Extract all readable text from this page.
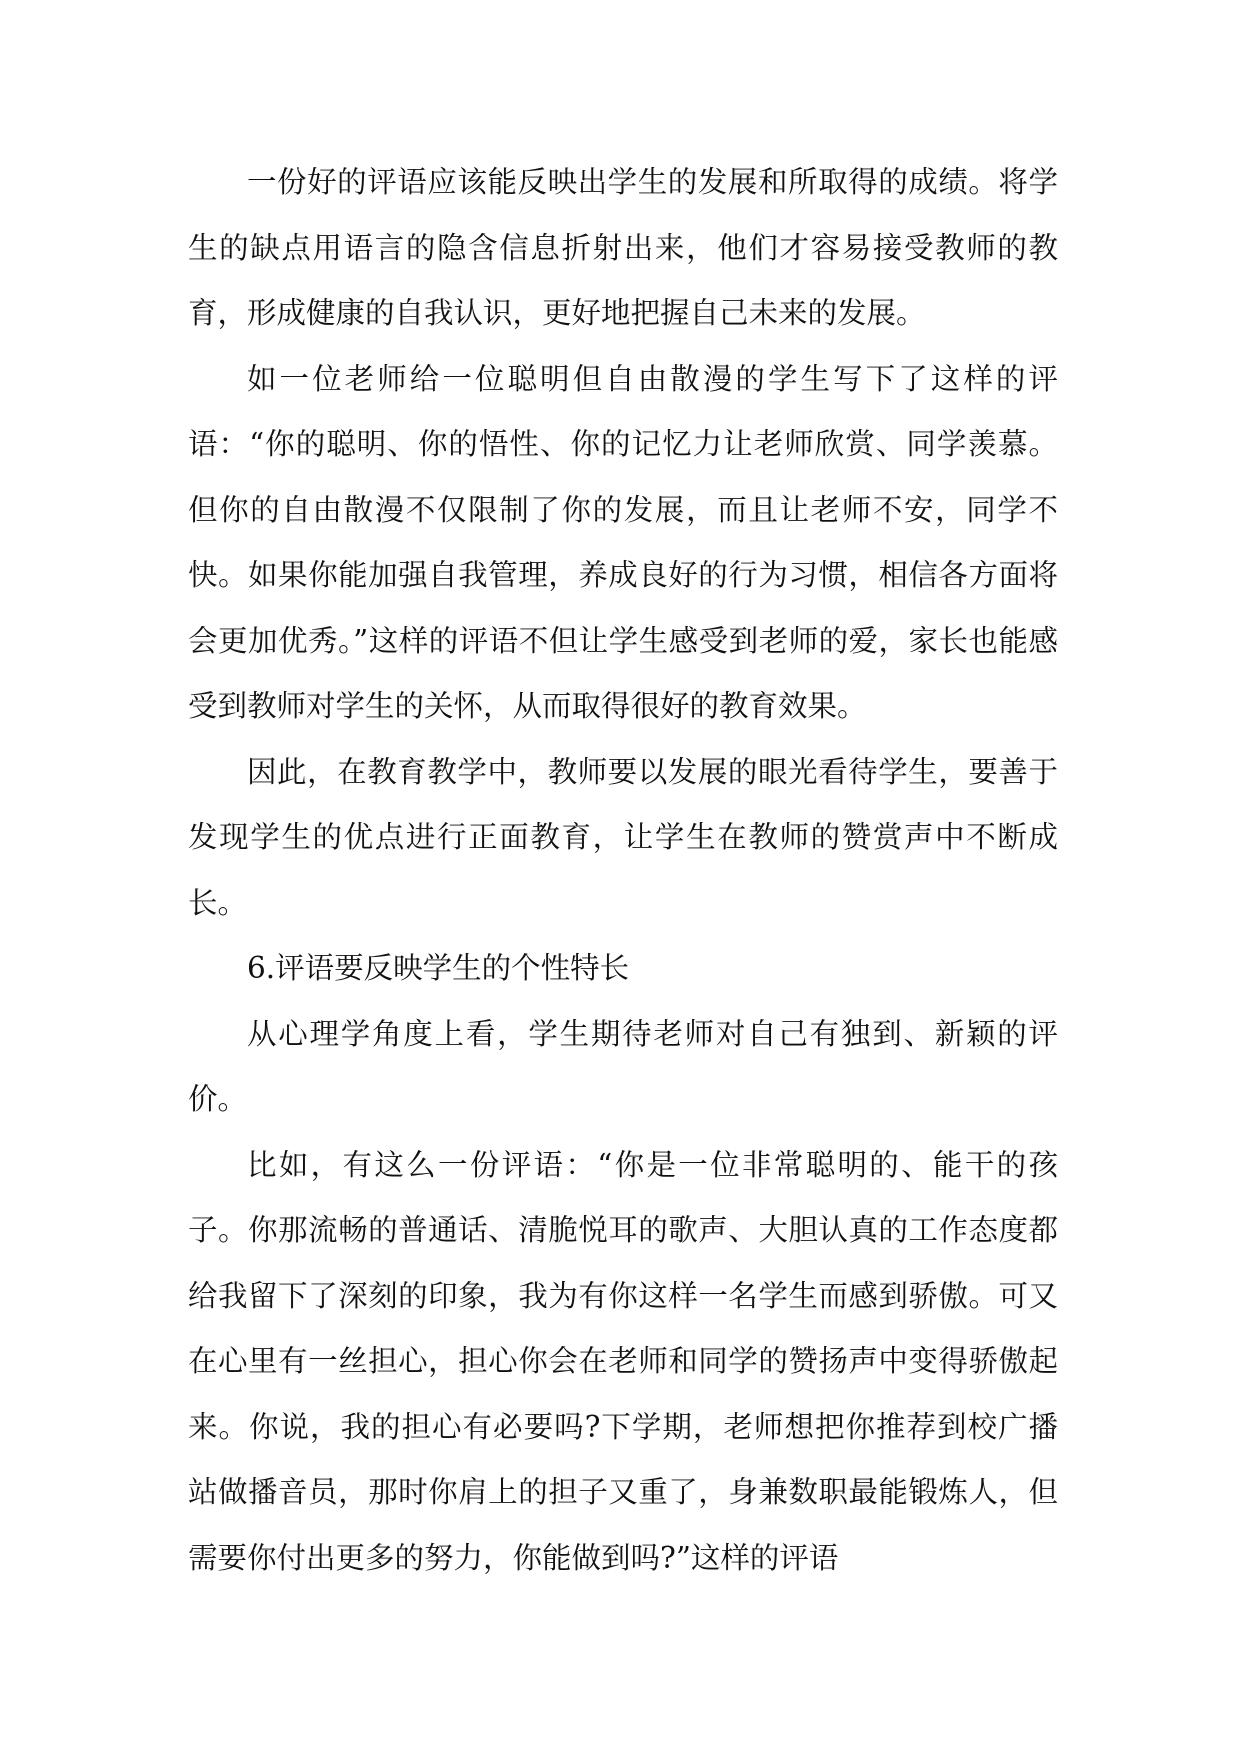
一份好的评语应该能反映出学生的发展和所取得的成绩。将学生的缺点用语言的隐含信息折射出来，他们才容易接受教师的教育，形成健康的自我认识，更好地把握自己未来的发展。

如一位老师给一位聪明但自由散漫的学生写下了这样的评语：“你的聪明、你的悟性、你的记忆力让老师欣赏、同学羡慕。但你的自由散漫不仅限制了你的发展，而且让老师不安，同学不快。如果你能加强自我管理，养成良好的行为习惯，相信各方面将会更加优秀。”这样的评语不但让学生感受到老师的爱，家长也能感受到教师对学生的关怀，从而取得很好的教育效果。

因此，在教育教学中，教师要以发展的眼光看待学生，要善于发现学生的优点进行正面教育，让学生在教师的赞赏声中不断成长。

6.评语要反映学生的个性特长

从心理学角度上看，学生期待老师对自己有独到、新颖的评价。

比如，有这么一份评语：“你是一位非常聪明的、能干的孩子。你那流畅的普通话、清脆悦耳的歌声、大胆认真的工作态度都给我留下了深刻的印象，我为有你这样一名学生而感到骄傲。可又在心里有一丝担心，担心你会在老师和同学的赞扬声中变得骄傲起来。你说，我的担心有必要吗?下学期，老师想把你推荐到校广播站做播音员，那时你肩上的担子又重了，身兼数职最能锻炼人，但需要你付出更多的努力，你能做到吗?”这样的评语
